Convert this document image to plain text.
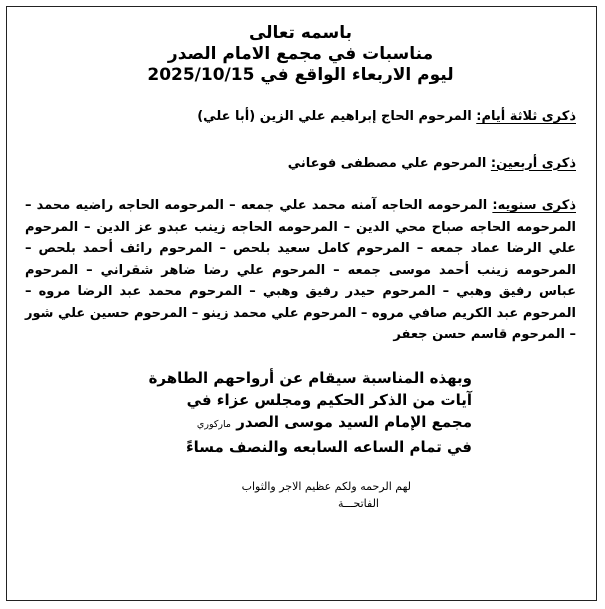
باسمه تعالى
مناسبات في مجمع الامام الصدر
ليوم الاربعاء الواقع في 2025/10/15
ذكرى ثلاثة أيام: المرحوم الحاج إبراهيم علي الزين (أبا علي)
ذكرى أربعين: المرحوم علي مصطفى فوعاني
ذكرى سنويه: المرحومه الحاجه آمنه محمد علي جمعه – المرحومه الحاجه راضيه محمد – المرحومه الحاجه صباح محي الدين – المرحومه الحاجه زينب عبدو عز الدين – المرحوم علي الرضا عماد جمعه – المرحوم كامل سعيد بلحص – المرحوم رائف أحمد بلحص – المرحومه زينب أحمد موسى جمعه – المرحوم علي رضا ضاهر شقراني – المرحوم عباس رفيق وهبي – المرحوم حيدر رفيق وهبي – المرحوم محمد عبد الرضا مروه – المرحوم عبد الكريم صافي مروه – المرحوم علي محمد زينو – المرحوم حسين علي شور – المرحوم قاسم حسن جعفر
وبهذه المناسبة سيقام عن أرواحهم الطاهرة
آيات من الذكر الحكيم ومجلس عزاء في
مجمع الإمام السيد موسى الصدر ماركوري
في تمام الساعه السابعه والنصف مساءً
لهم الرحمه ولكم عظيم الاجر والثواب
الفاتحـــة
